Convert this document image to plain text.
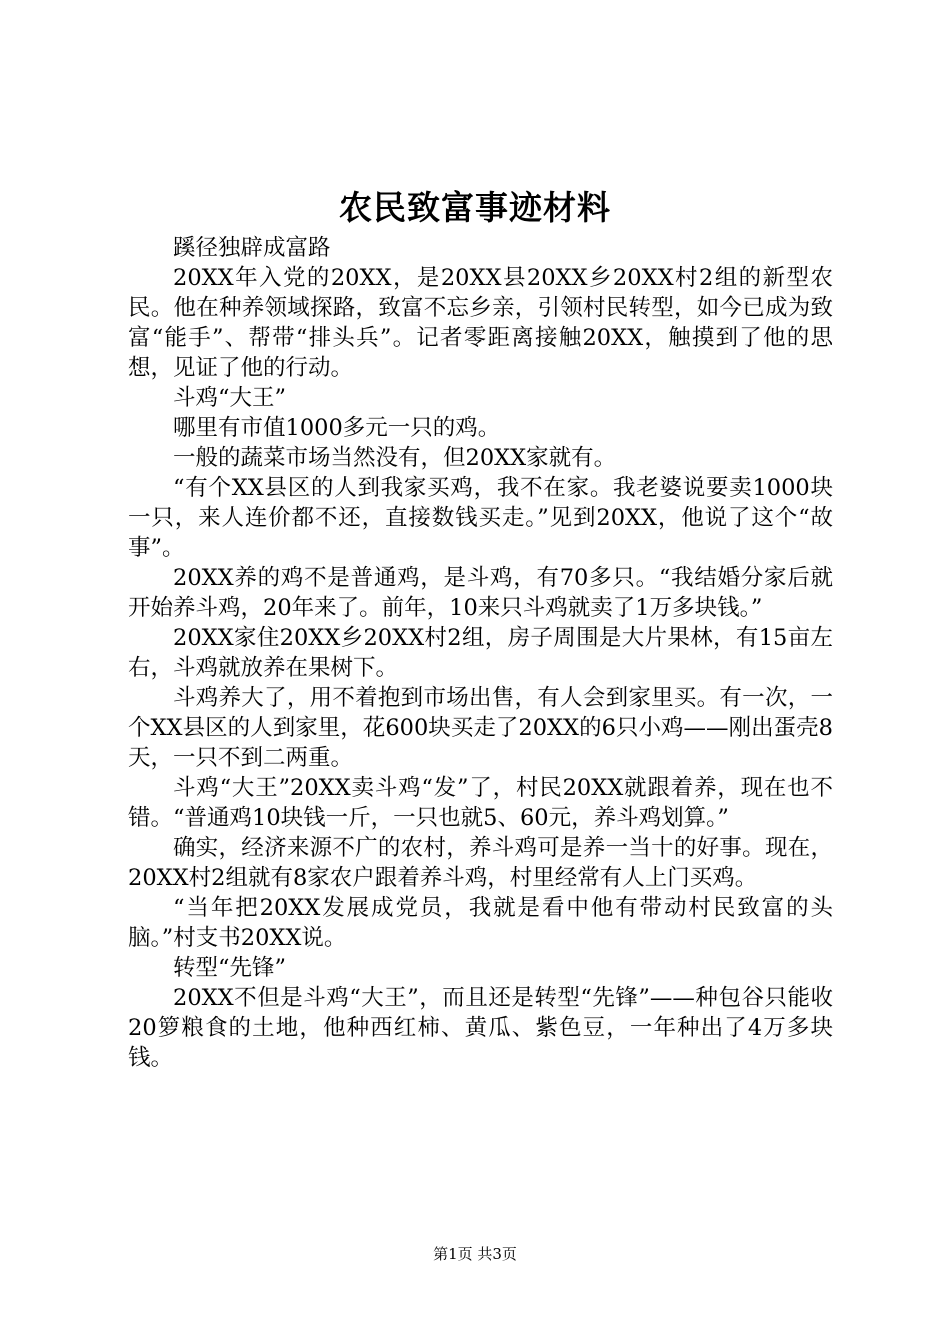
农民致富事迹材料

蹊径独辟成富路

20XX年入党的20XX，是20XX县20XX乡20XX村2组的新型农民。他在种养领域探路，致富不忘乡亲，引领村民转型，如今已成为致富“能手”、帮带“排头兵”。记者零距离接触20XX，触摸到了他的思想，见证了他的行动。

斗鸡“大王”

哪里有市值1000多元一只的鸡。

一般的蔬菜市场当然没有，但20XX家就有。

“有个XX县区的人到我家买鸡，我不在家。我老婆说要卖1000块一只，来人连价都不还，直接数钱买走。”见到20XX，他说了这个“故事”。

20XX养的鸡不是普通鸡，是斗鸡，有70多只。“我结婚分家后就开始养斗鸡，20年来了。前年，10来只斗鸡就卖了1万多块钱。”

20XX家住20XX乡20XX村2组，房子周围是大片果林，有15亩左右，斗鸡就放养在果树下。

斗鸡养大了，用不着抱到市场出售，有人会到家里买。有一次，一个XX县区的人到家里，花600块买走了20XX的6只小鸡——刚出蛋壳8天，一只不到二两重。

斗鸡“大王”20XX卖斗鸡“发”了，村民20XX就跟着养，现在也不错。“普通鸡10块钱一斤，一只也就5、60元，养斗鸡划算。”

确实，经济来源不广的农村，养斗鸡可是养一当十的好事。现在，20XX村2组就有8家农户跟着养斗鸡，村里经常有人上门买鸡。

“当年把20XX发展成党员，我就是看中他有带动村民致富的头脑。”村支书20XX说。

转型“先锋”

20XX不但是斗鸡“大王”，而且还是转型“先锋”——种包谷只能收20箩粮食的土地，他种西红柿、黄瓜、紫色豆，一年种出了4万多块钱。

第1页 共3页
